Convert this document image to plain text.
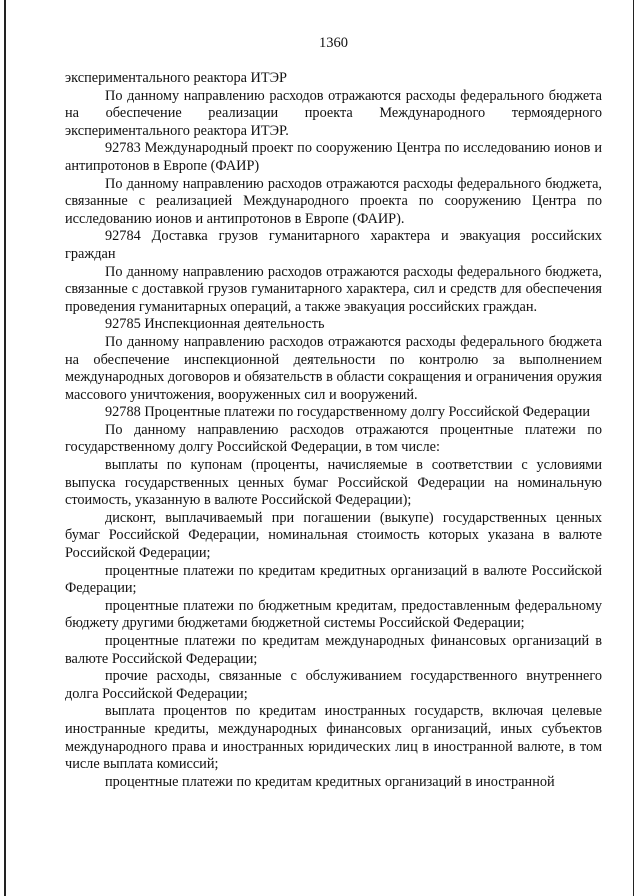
1360

экспериментального реактора ИТЭР

По данному направлению расходов отражаются расходы федерального бюджета на обеспечение реализации проекта Международного термоядерного экспериментального реактора ИТЭР.

92783 Международный проект по сооружению Центра по исследованию ионов и антипротонов в Европе (ФАИР)

По данному направлению расходов отражаются расходы федерального бюджета, связанные с реализацией Международного проекта по сооружению Центра по исследованию ионов и антипротонов в Европе (ФАИР).

92784 Доставка грузов гуманитарного характера и эвакуация российских граждан

По данному направлению расходов отражаются расходы федерального бюджета, связанные с доставкой грузов гуманитарного характера, сил и средств для обеспечения проведения гуманитарных операций, а также эвакуация российских граждан.

92785 Инспекционная деятельность

По данному направлению расходов отражаются расходы федерального бюджета на обеспечение инспекционной деятельности по контролю за выполнением международных договоров и обязательств в области сокращения и ограничения оружия массового уничтожения, вооруженных сил и вооружений.

92788 Процентные платежи по государственному долгу Российской Федерации

По данному направлению расходов отражаются процентные платежи по государственному долгу Российской Федерации, в том числе:

выплаты по купонам (проценты, начисляемые в соответствии с условиями выпуска государственных ценных бумаг Российской Федерации на номинальную стоимость, указанную в валюте Российской Федерации);

дисконт, выплачиваемый при погашении (выкупе) государственных ценных бумаг Российской Федерации, номинальная стоимость которых указана в валюте Российской Федерации;

процентные платежи по кредитам кредитных организаций в валюте Российской Федерации;

процентные платежи по бюджетным кредитам, предоставленным федеральному бюджету другими бюджетами бюджетной системы Российской Федерации;

процентные платежи по кредитам международных финансовых организаций в валюте Российской Федерации;

прочие расходы, связанные с обслуживанием государственного внутреннего долга Российской Федерации;

выплата процентов по кредитам иностранных государств, включая целевые иностранные кредиты, международных финансовых организаций, иных субъектов международного права и иностранных юридических лиц в иностранной валюте, в том числе выплата комиссий;

процентные платежи по кредитам кредитных организаций в иностранной
